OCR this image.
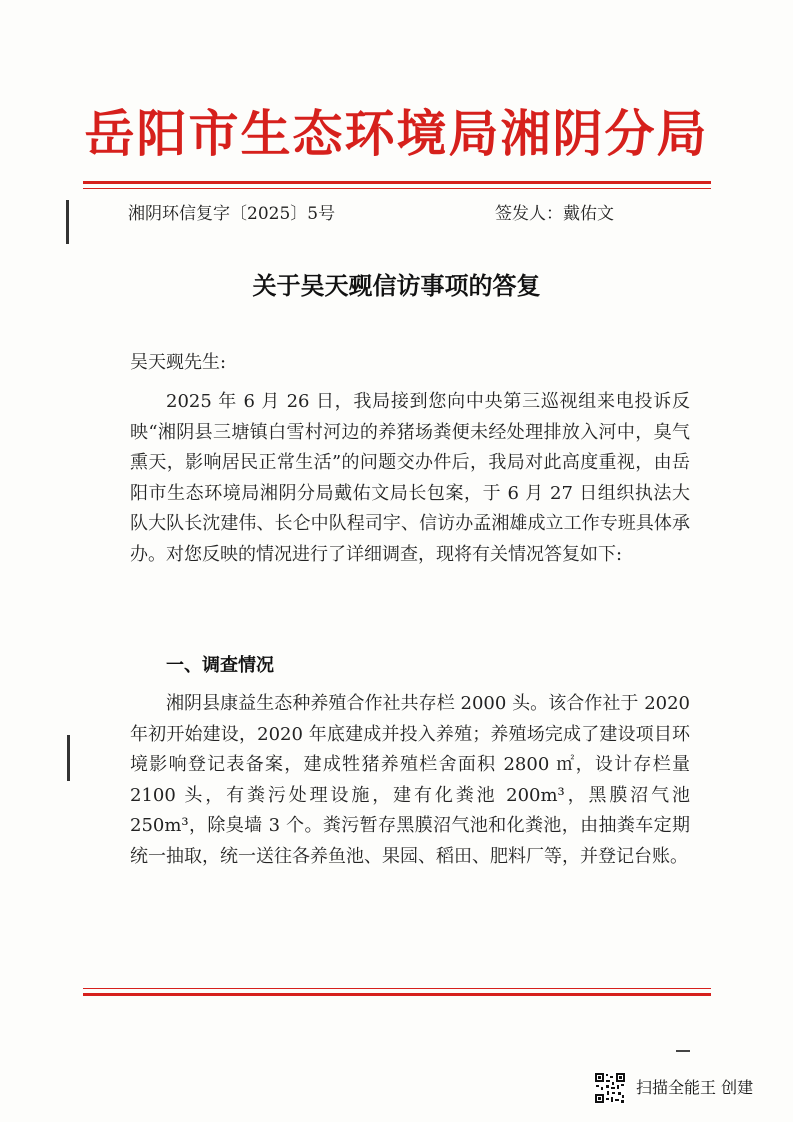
岳阳市生态环境局湘阴分局
湘阴环信复字〔2025〕5号	签发人：戴佑文
关于吴天觋信访事项的答复
吴天觋先生:
2025 年 6 月 26 日，我局接到您向中央第三巡视组来电投诉反映“湘阴县三塘镇白雪村河边的养猪场粪便未经处理排放入河中，臭气熏天，影响居民正常生活”的问题交办件后，我局对此高度重视，由岳阳市生态环境局湘阴分局戴佑文局长包案，于 6 月 27 日组织执法大队大队长沈建伟、长仑中队程司宇、信访办孟湘雄成立工作专班具体承办。对您反映的情况进行了详细调查，现将有关情况答复如下:
一、调查情况
湘阴县康益生态种养殖合作社共存栏 2000 头。该合作社于 2020 年初开始建设，2020 年底建成并投入养殖；养殖场完成了建设项目环境影响登记表备案，建成牲猪养殖栏舍面积 2800 ㎡，设计存栏量 2100 头，有粪污处理设施，建有化粪池 200m³，黑膜沼气池 250m³，除臭墙 3 个。粪污暂存黑膜沼气池和化粪池，由抽粪车定期统一抽取，统一送往各养鱼池、果园、稻田、肥料厂等，并登记台账。
扫描全能王 创建
